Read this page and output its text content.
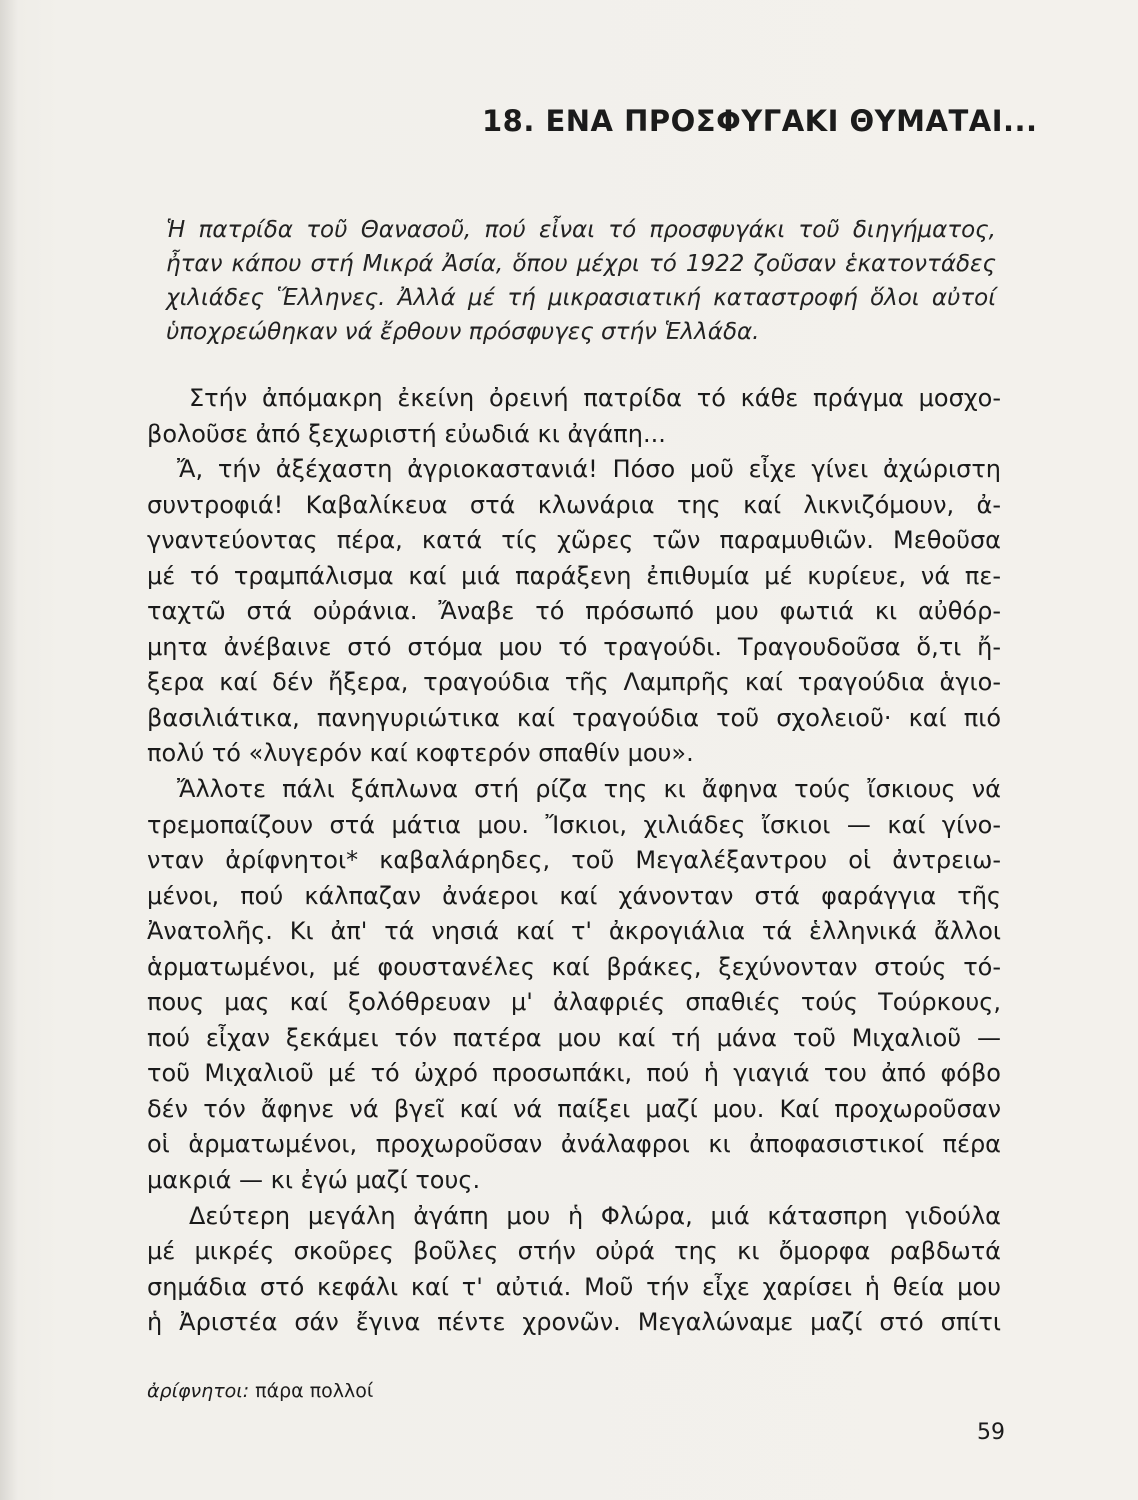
18. ΕΝΑ ΠΡΟΣΦΥΓΑΚΙ ΘΥΜΑΤΑΙ...
Ἡ πατρίδα τοῦ Θανασοῦ, πού εἶναι τό προσφυγάκι τοῦ διηγήματος,
ἦταν κάπου στή Μικρά Ἀσία, ὅπου μέχρι τό 1922 ζοῦσαν ἑκατοντάδες
χιλιάδες Ἕλληνες. Ἀλλά μέ τή μικρασιατική καταστροφή ὅλοι αὐτοί
ὑποχρεώθηκαν νά ἔρθουν πρόσφυγες στήν Ἑλλάδα.
Στήν ἀπόμακρη ἐκείνη ὀρεινή πατρίδα τό κάθε πράγμα μοσχο-
βολοῦσε ἀπό ξεχωριστή εὐωδιά κι ἀγάπη...
Ἄ, τήν ἀξέχαστη ἀγριοκαστανιά! Πόσο μοῦ εἶχε γίνει ἀχώριστη
συντροφιά! Καβαλίκευα στά κλωνάρια της καί λικνιζόμουν, ἀ-
γναντεύοντας πέρα, κατά τίς χῶρες τῶν παραμυθιῶν. Μεθοῦσα
μέ τό τραμπάλισμα καί μιά παράξενη ἐπιθυμία μέ κυρίευε, νά πε-
ταχτῶ στά οὐράνια. Ἄναβε τό πρόσωπό μου φωτιά κι αὐθόρ-
μητα ἀνέβαινε στό στόμα μου τό τραγούδι. Τραγουδοῦσα ὅ,τι ἤ-
ξερα καί δέν ἤξερα, τραγούδια τῆς Λαμπρῆς καί τραγούδια ἁγιο-
βασιλιάτικα, πανηγυριώτικα καί τραγούδια τοῦ σχολειοῦ· καί πιό
πολύ τό «λυγερόν καί κοφτερόν σπαθίν μου».
Ἄλλοτε πάλι ξάπλωνα στή ρίζα της κι ἄφηνα τούς ἴσκιους νά
τρεμοπαίζουν στά μάτια μου. Ἴσκιοι, χιλιάδες ἴσκιοι — καί γίνο-
νταν ἀρίφνητοι* καβαλάρηδες, τοῦ Μεγαλέξαντρου οἱ ἀντρειω-
μένοι, πού κάλπαζαν ἀνάεροι καί χάνονταν στά φαράγγια τῆς
Ἀνατολῆς. Κι ἀπ' τά νησιά καί τ' ἀκρογιάλια τά ἑλληνικά ἄλλοι
ἁρματωμένοι, μέ φουστανέλες καί βράκες, ξεχύνονταν στούς τό-
πους μας καί ξολόθρευαν μ' ἀλαφριές σπαθιές τούς Τούρκους,
πού εἶχαν ξεκάμει τόν πατέρα μου καί τή μάνα τοῦ Μιχαλιοῦ —
τοῦ Μιχαλιοῦ μέ τό ὠχρό προσωπάκι, πού ἡ γιαγιά του ἀπό φόβο
δέν τόν ἄφηνε νά βγεῖ καί νά παίξει μαζί μου. Καί προχωροῦσαν
οἱ ἁρματωμένοι, προχωροῦσαν ἀνάλαφροι κι ἀποφασιστικοί πέρα
μακριά — κι ἐγώ μαζί τους.
Δεύτερη μεγάλη ἀγάπη μου ἡ Φλώρα, μιά κάτασπρη γιδούλα
μέ μικρές σκοῦρες βοῦλες στήν οὐρά της κι ὄμορφα ραβδωτά
σημάδια στό κεφάλι καί τ' αὐτιά. Μοῦ τήν εἶχε χαρίσει ἡ θεία μου
ἡ Ἀριστέα σάν ἔγινα πέντε χρονῶν. Μεγαλώναμε μαζί στό σπίτι
ἀρίφνητοι: πάρα πολλοί
59
